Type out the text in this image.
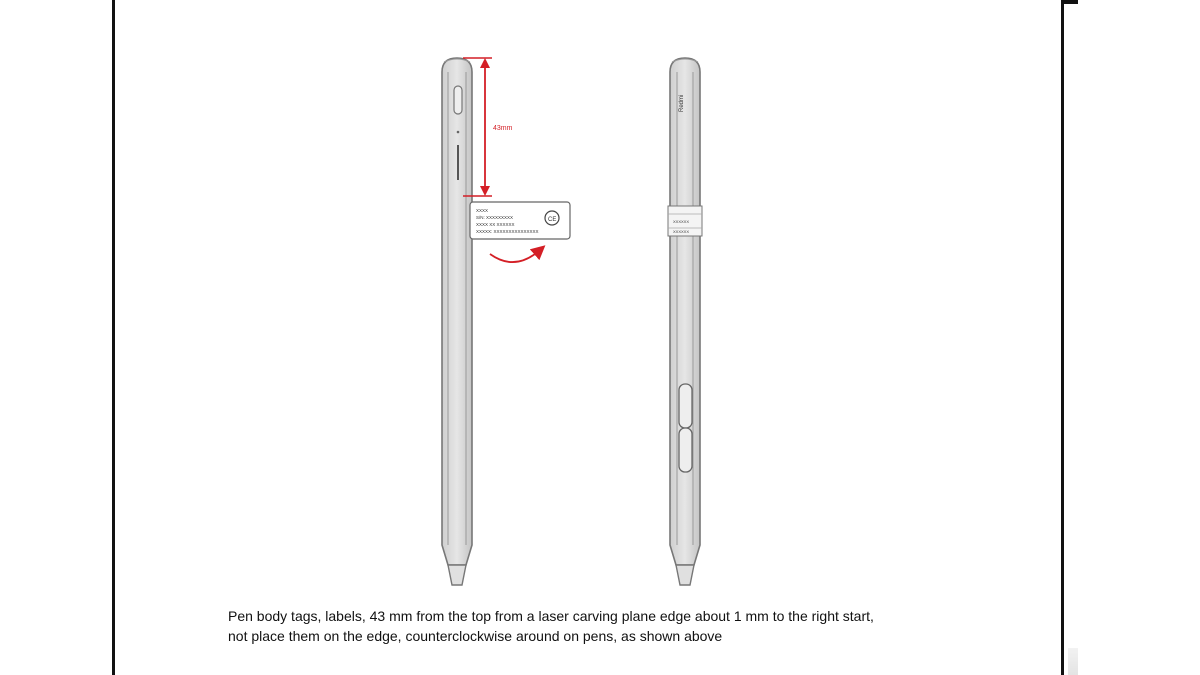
43mm
XXXX
S/N: XXXXXXXXX
XXXX XX XXXXXX
XXXXX: XXXXXXXXXXXXXXX
CE
Redmi
XXXXXX
XXXXXX
Pen body tags, labels, 43 mm from the top from a laser carving plane edge about 1 mm to the right start,
not place them on the edge, counterclockwise around on pens, as shown above
